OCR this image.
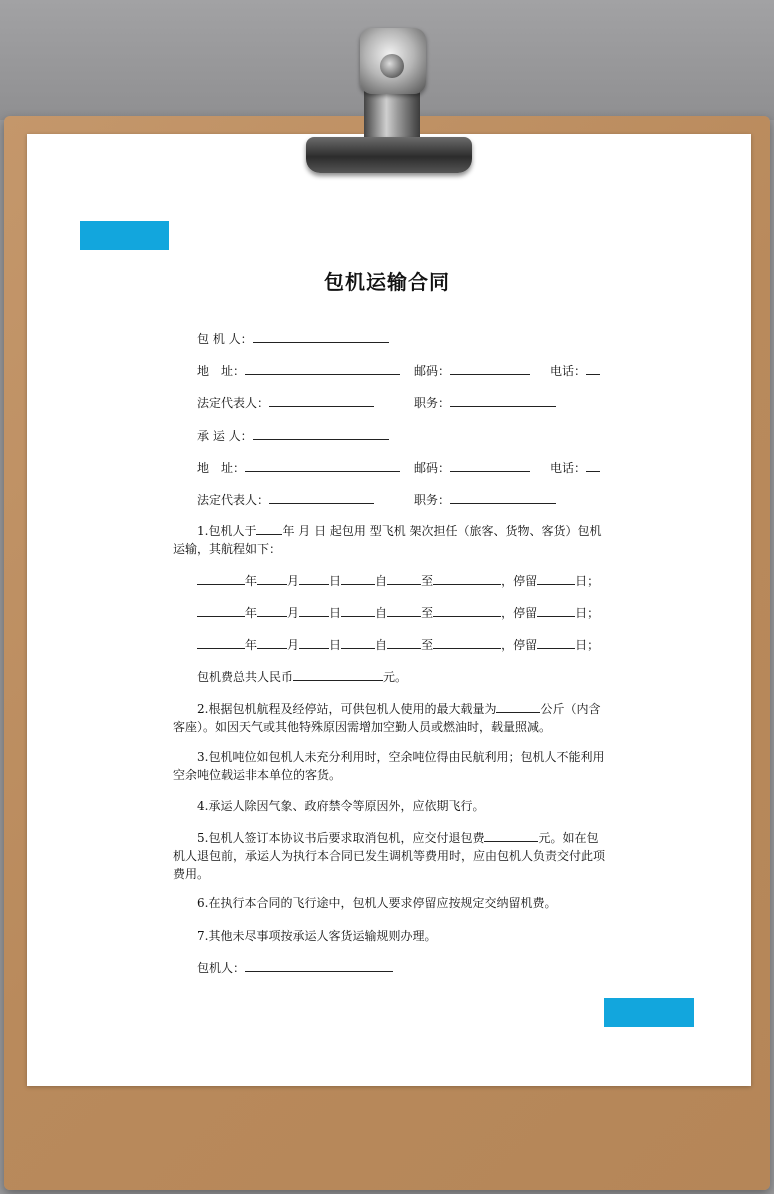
包机运输合同
包 机 人：
地　址：	邮码：	电话：
法定代表人：	职务：
承 运 人：
地　址：	邮码：	电话：
法定代表人：	职务：
1.包机人于 年 月 日 起包用 型飞机 架次担任（旅客、货物、客货）包机运输，其航程如下：
年	月	日	自	至	，停留	日；
年	月	日	自	至	，停留	日；
年	月	日	自	至	，停留	日；
包机费总共人民币	元。
2.根据包机航程及经停站，可供包机人使用的最大载量为	公斤（内含客座）。如因天气或其他特殊原因需增加空勤人员或燃油时，载量照减。
3.包机吨位如包机人未充分利用时，空余吨位得由民航利用；包机人不能利用空余吨位载运非本单位的客货。
4.承运人除因气象、政府禁令等原因外，应依期飞行。
5.包机人签订本协议书后要求取消包机，应交付退包费	元。如在包机人退包前，承运人为执行本合同已发生调机等费用时，应由包机人负责交付此项费用。
6.在执行本合同的飞行途中，包机人要求停留应按规定交纳留机费。
7.其他未尽事项按承运人客货运输规则办理。
包机人：
